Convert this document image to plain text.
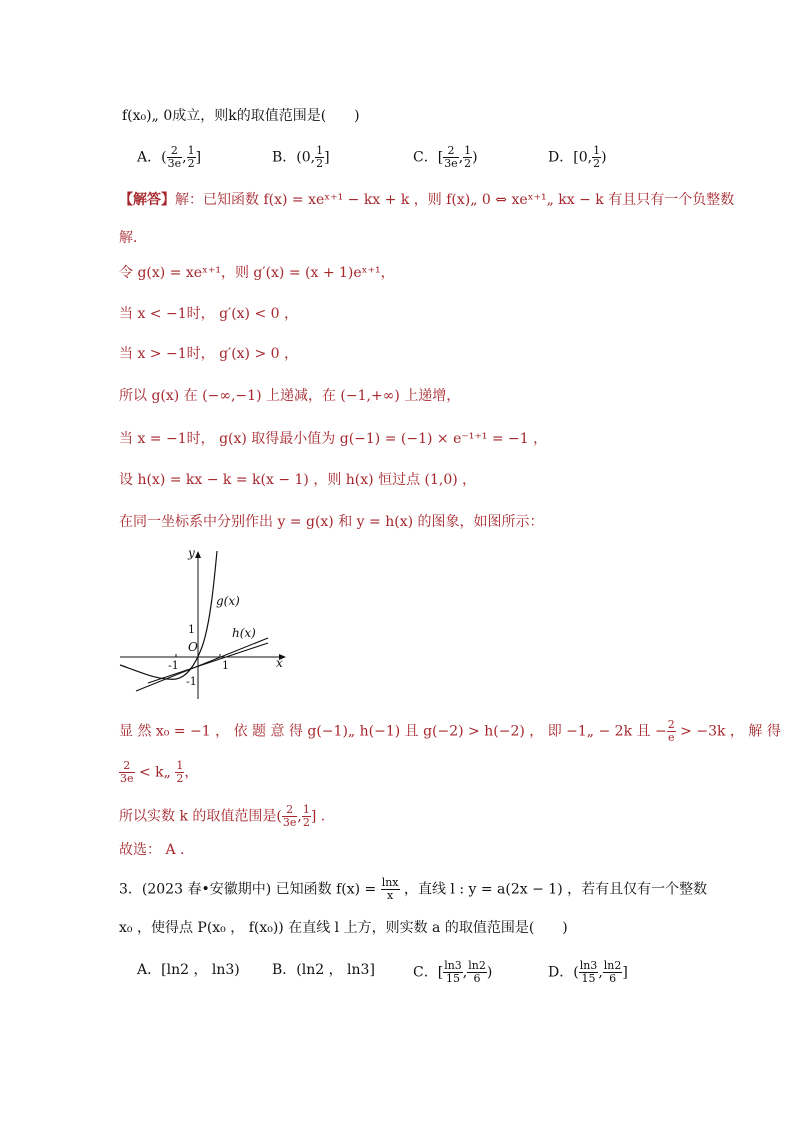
f(x₀)„ 0成立，则k的取值范围是(　　)
A．( $\frac{2}{3e}$ , $\frac{1}{2}$ ]	B．(0, $\frac{1}{2}$ ]	C．[ $\frac{2}{3e}$ , $\frac{1}{2}$ )	D．[0, $\frac{1}{2}$ )
【解答】解：已知函数 f(x) = xeˣ⁺¹ − kx + k ，则 f(x)„ 0 ⇔ xeˣ⁺¹„ kx − k 有且只有一个负整数
解．
令 g(x) = xeˣ⁺¹，则 g′(x) = (x + 1)eˣ⁺¹，
当 x < −1时， g′(x) < 0 ，
当 x > −1时， g′(x) > 0 ，
所以 g(x) 在 (−∞,−1) 上递减，在 (−1,+∞) 上递增，
当 x = −1时， g(x) 取得最小值为 g(−1) = (−1) × e⁻¹⁺¹ = −1 ，
设 h(x) = kx − k = k(x − 1) ，则 h(x) 恒过点 (1,0) ，
在同一坐标系中分别作出 y = g(x) 和 y = h(x) 的图象，如图所示：
y
x
O
g(x)
h(x)
1
-1
-1	1
显 然 x₀ = −1 ， 依 题 意 得 g(−1)„ h(−1) 且 g(−2) > h(−2) ， 即 −1„ − 2k 且 − $\frac{2}{e} > -3k$ ， 解 得
$\frac{2}{3e}$ < k„ $\frac{1}{2}$ ，
所以实数 k 的取值范围是( $\frac{2}{3e}$ , $\frac{1}{2}$ ] .
故选： A .
3．(2023 春•安徽期中) 已知函数 $f(x) = \frac{\ln x}{x}$ ，直线 l : y = a(2x − 1) ，若有且仅有一个整数
x₀ ，使得点 P(x₀ ， f(x₀)) 在直线 l 上方，则实数 a 的取值范围是(　　)
A．[ln2 ， ln3) B．(ln2 ， ln3]	C．[ $\frac{\ln 3}{15}$ , $\frac{\ln 2}{6}$ )	D．( $\frac{\ln 3}{15}$ , $\frac{\ln 2}{6}$ ]
